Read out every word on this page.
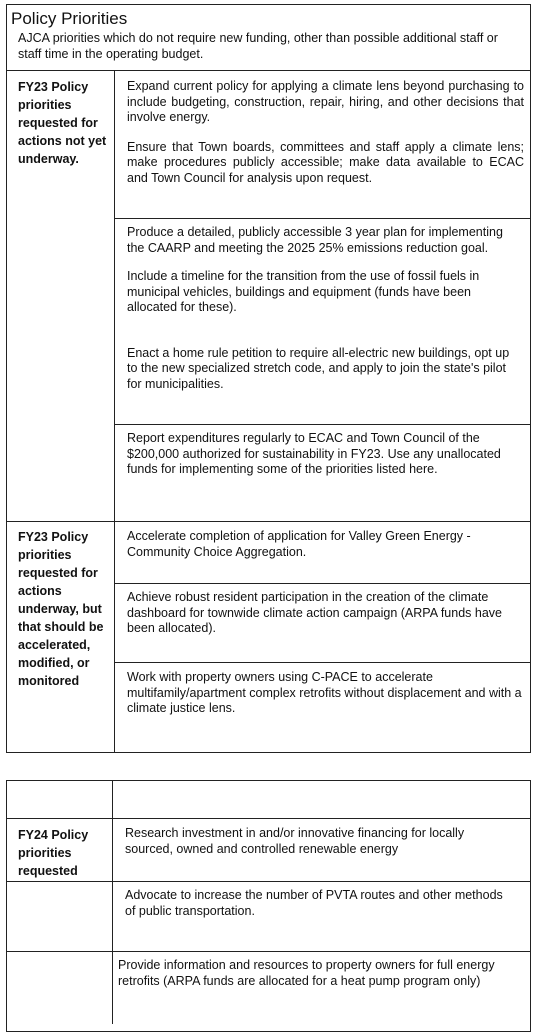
Policy Priorities
AJCA priorities which do not require new funding, other than possible additional staff or staff time in the operating budget.
FY23 Policy priorities requested for actions not yet underway.

Expand current policy for applying a climate lens beyond purchasing to include budgeting, construction, repair, hiring, and other decisions that involve energy.

Ensure that Town boards, committees and staff apply a climate lens; make procedures publicly accessible; make data available to ECAC and Town Council for analysis upon request.

Produce a detailed, publicly accessible 3 year plan for implementing the CAARP and meeting the 2025 25% emissions reduction goal.

Include a timeline for the transition from the use of fossil fuels in municipal vehicles, buildings and equipment (funds have been allocated for these).

Enact a home rule petition to require all-electric new buildings, opt up to the new specialized stretch code, and apply to join the state's pilot for municipalities.

Report expenditures regularly to ECAC and Town Council of the $200,000 authorized for sustainability in FY23. Use any unallocated funds for implementing some of the priorities listed here.

FY23 Policy priorities requested for actions underway, but that should be accelerated, modified, or monitored

Accelerate completion of application for Valley Green Energy - Community Choice Aggregation.

Achieve robust resident participation in the creation of the climate dashboard for townwide climate action campaign (ARPA funds have been allocated).

Work with property owners using C-PACE to accelerate multifamily/apartment complex retrofits without displacement and with a climate justice lens.

FY24 Policy priorities requested

Research investment in and/or innovative financing for locally sourced, owned and controlled renewable energy

Advocate to increase the number of PVTA routes and other methods of public transportation.

Provide information and resources to property owners for full energy retrofits (ARPA funds are allocated for a heat pump program only)
